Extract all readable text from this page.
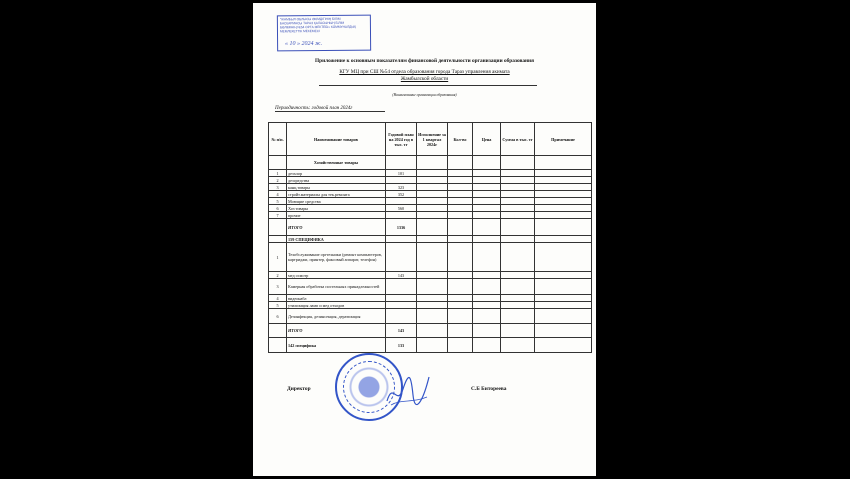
"ЖАМБЫЛ ОБЛЫСЫ ӘКІМДІГІНІҢ БІЛІМ
БАСҚАРМАСЫ ТАРАЗ ҚАЛАСЫНЫҢ БІЛІМ
БӨЛІМІНІҢ №54 ОРТА МЕКТЕБІ» КОММУНАЛДЫҚ
МЕМЛЕКЕТТІК МЕКЕМЕСІ
« 10 » 2024 ж.
Приложение к основным показателям финансовой деятельности организации образования
КГУ МЦ при СШ №54 отдела образования города Тараз управления акимата
Жамбылской области
(Наименование организации образования)
Периодичность: годовой план 2024г
№ п/п.	Наименование товаров	Годовой план на 2024 год в тыс. тг	Исполнение за 1 квартал 2024г	Кол-во	Цена	Сумма в тыс. тг	Примечание
	Хозяйственные товары						
1	дезхлор	101					
2	дезсредства						
3	канц.товары	323					
4	стройт.материалы для тек.ремонта	352					
5	Моющие средства						
6	Хоз товары	560					
7	прочие						
	ИТОГО	1336					
	159 СПЕЦИФИКА						
1	Техобслуживание оргтехники (ремонт компьютеров, картриджи, принтер, факсовый аппарат, телефон)						
2	мед осмотр	143					
3	Камерная обработка постельных принадлежностей						
4	видеонабл						
5	утилизация ламп и мед отходов						
6	Дезинфекция, дезинсекция, дератизация						
	ИТОГО	143					
	142 специфика	133					
Директор	С.Б Битореева
